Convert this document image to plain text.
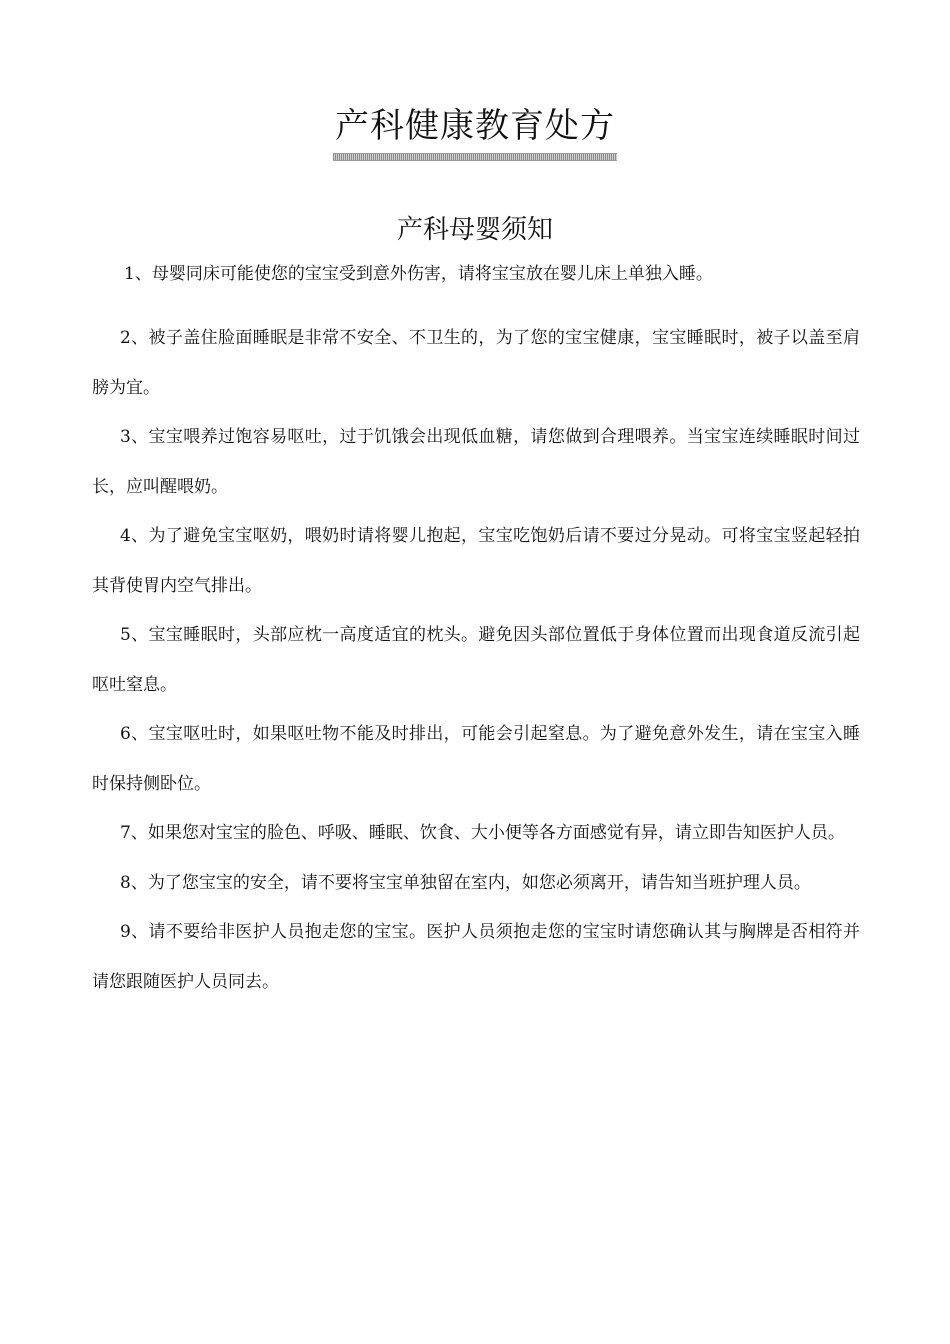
产科健康教育处方
产科母婴须知
1、母婴同床可能使您的宝宝受到意外伤害，请将宝宝放在婴儿床上单独入睡。
2、被子盖住脸面睡眠是非常不安全、不卫生的，为了您的宝宝健康，宝宝睡眠时，被子以盖至肩膀为宜。
3、宝宝喂养过饱容易呕吐，过于饥饿会出现低血糖，请您做到合理喂养。当宝宝连续睡眠时间过长，应叫醒喂奶。
4、为了避免宝宝呕奶，喂奶时请将婴儿抱起，宝宝吃饱奶后请不要过分晃动。可将宝宝竖起轻拍其背使胃内空气排出。
5、宝宝睡眠时，头部应枕一高度适宜的枕头。避免因头部位置低于身体位置而出现食道反流引起呕吐窒息。
6、宝宝呕吐时，如果呕吐物不能及时排出，可能会引起窒息。为了避免意外发生，请在宝宝入睡时保持侧卧位。
7、如果您对宝宝的脸色、呼吸、睡眠、饮食、大小便等各方面感觉有异，请立即告知医护人员。
8、为了您宝宝的安全，请不要将宝宝单独留在室内，如您必须离开，请告知当班护理人员。
9、请不要给非医护人员抱走您的宝宝。医护人员须抱走您的宝宝时请您确认其与胸牌是否相符并请您跟随医护人员同去。
